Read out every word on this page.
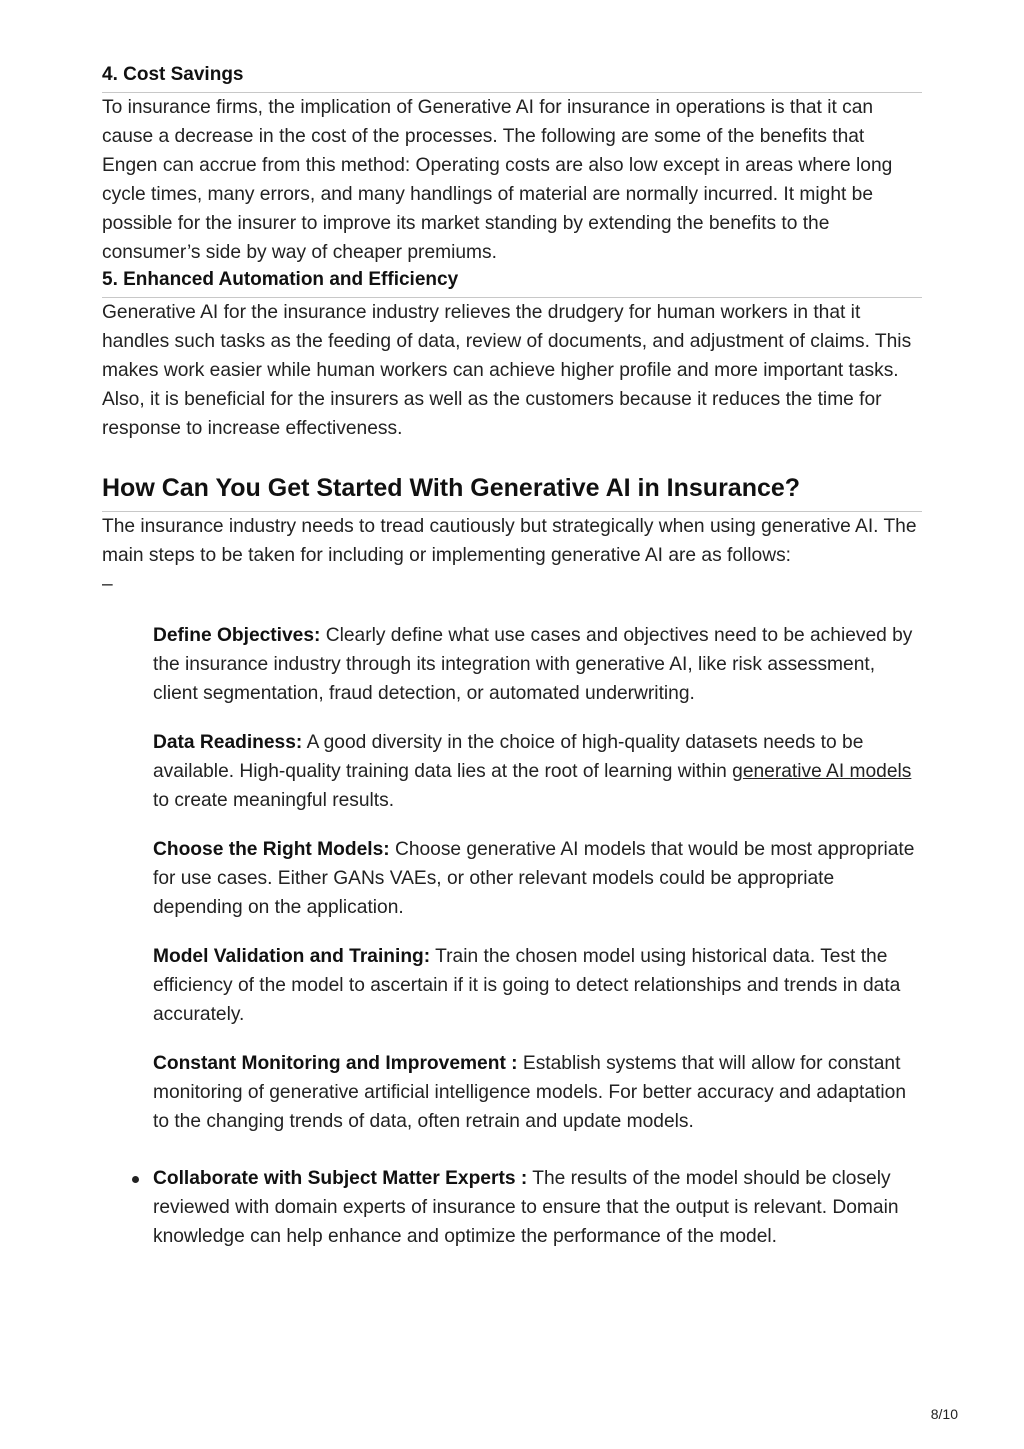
4. Cost Savings

To insurance firms, the implication of Generative AI for insurance in operations is that it can cause a decrease in the cost of the processes. The following are some of the benefits that Engen can accrue from this method: Operating costs are also low except in areas where long cycle times, many errors, and many handlings of material are normally incurred. It might be possible for the insurer to improve its market standing by extending the benefits to the consumer’s side by way of cheaper premiums.

5. Enhanced Automation and Efficiency

Generative AI for the insurance industry relieves the drudgery for human workers in that it handles such tasks as the feeding of data, review of documents, and adjustment of claims. This makes work easier while human workers can achieve higher profile and more important tasks. Also, it is beneficial for the insurers as well as the customers because it reduces the time for response to increase effectiveness.

How Can You Get Started With Generative AI in Insurance?

The insurance industry needs to tread cautiously but strategically when using generative AI. The main steps to be taken for including or implementing generative AI are as follows:
–

Define Objectives: Clearly define what use cases and objectives need to be achieved by the insurance industry through its integration with generative AI, like risk assessment, client segmentation, fraud detection, or automated underwriting.
Data Readiness: A good diversity in the choice of high-quality datasets needs to be available. High-quality training data lies at the root of learning within generative AI models to create meaningful results.
Choose the Right Models: Choose generative AI models that would be most appropriate for use cases. Either GANs VAEs, or other relevant models could be appropriate depending on the application.
Model Validation and Training: Train the chosen model using historical data. Test the efficiency of the model to ascertain if it is going to detect relationships and trends in data accurately.
Constant Monitoring and Improvement : Establish systems that will allow for constant monitoring of generative artificial intelligence models. For better accuracy and adaptation to the changing trends of data, often retrain and update models.
Collaborate with Subject Matter Experts : The results of the model should be closely reviewed with domain experts of insurance to ensure that the output is relevant. Domain knowledge can help enhance and optimize the performance of the model.
8/10
